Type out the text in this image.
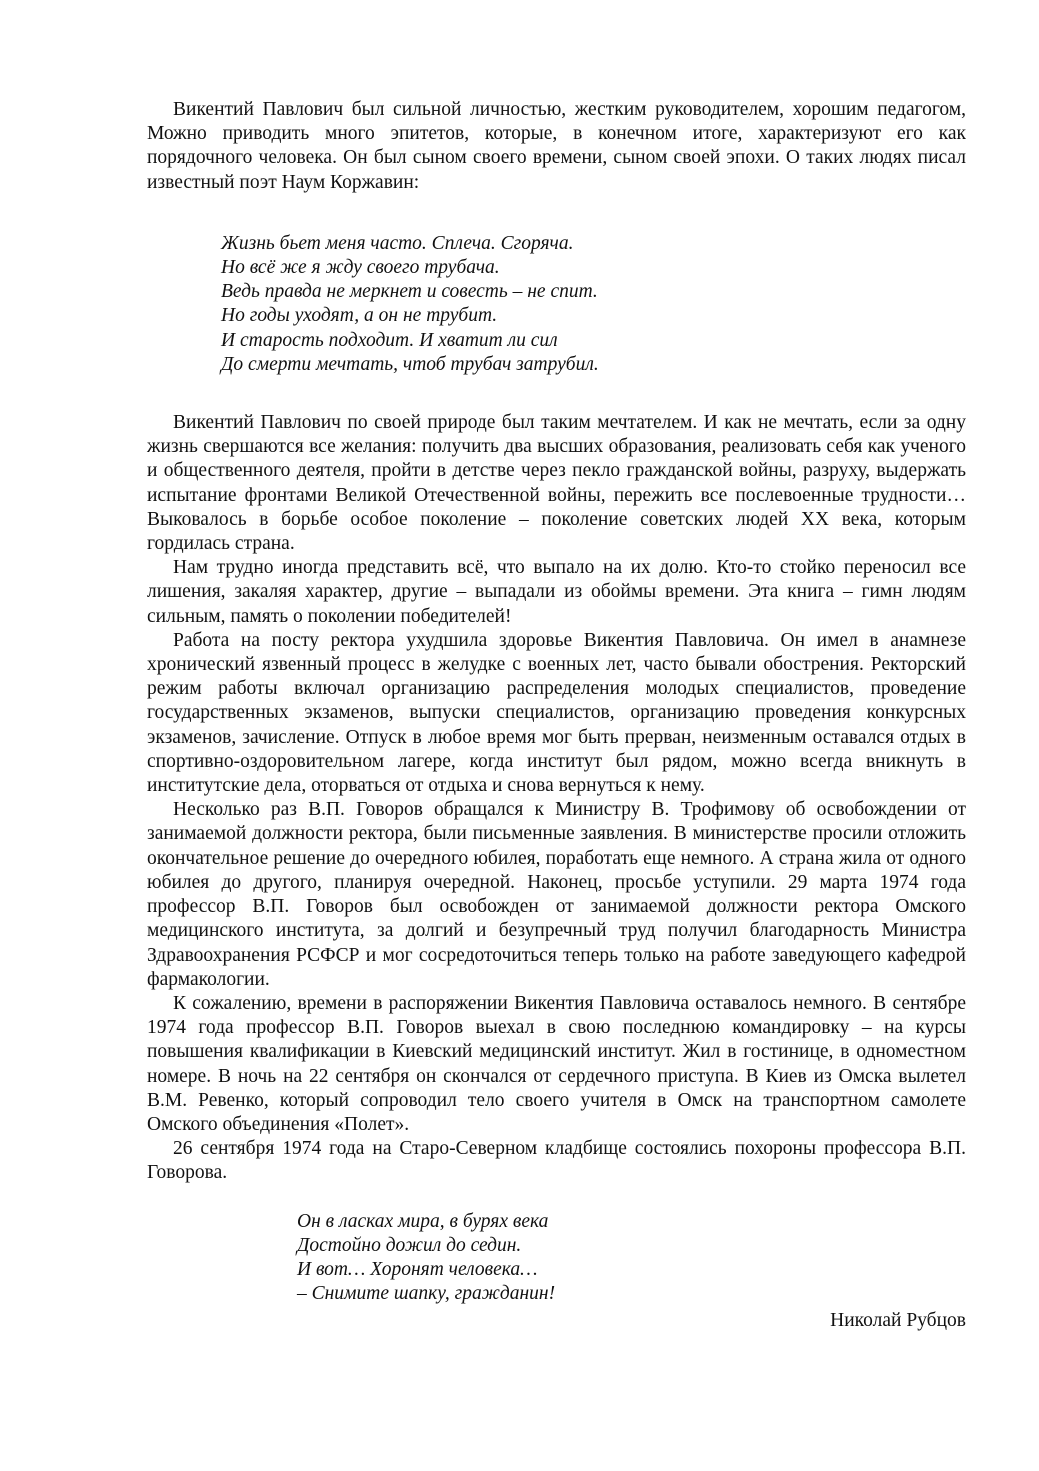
Викентий Павлович был сильной личностью, жестким руководителем, хорошим педагогом, Можно приводить много эпитетов, которые, в конечном итоге, характеризуют его как порядочного человека. Он был сыном своего времени, сыном своей эпохи. О таких людях писал известный поэт Наум Коржавин:

Жизнь бьет меня часто. Сплеча. Сгоряча.
Но всё же я жду своего трубача.
Ведь правда не меркнет и совесть – не спит.
Но годы уходят, а он не трубит.
И старость подходит. И хватит ли сил
До смерти мечтать, чтоб трубач затрубил.

Викентий Павлович по своей природе был таким мечтателем. И как не мечтать, если за одну жизнь свершаются все желания: получить два высших образования, реализовать себя как ученого и общественного деятеля, пройти в детстве через пекло гражданской войны, разруху, выдержать испытание фронтами Великой Отечественной войны, пережить все послевоенные трудности… Выковалось в борьбе особое поколение – поколение советских людей XX века, которым гордилась страна.

Нам трудно иногда представить всё, что выпало на их долю. Кто-то стойко переносил все лишения, закаляя характер, другие – выпадали из обоймы времени. Эта книга – гимн людям сильным, память о поколении победителей!

Работа на посту ректора ухудшила здоровье Викентия Павловича. Он имел в анамнезе хронический язвенный процесс в желудке с военных лет, часто бывали обострения. Ректорский режим работы включал организацию распределения молодых специалистов, проведение государственных экзаменов, выпуски специалистов, организацию проведения конкурсных экзаменов, зачисление. Отпуск в любое время мог быть прерван, неизменным оставался отдых в спортивно-оздоровительном лагере, когда институт был рядом, можно всегда вникнуть в институтские дела, оторваться от отдыха и снова вернуться к нему.

Несколько раз В.П. Говоров обращался к Министру В. Трофимову об освобождении от занимаемой должности ректора, были письменные заявления. В министерстве просили отложить окончательное решение до очередного юбилея, поработать еще немного. А страна жила от одного юбилея до другого, планируя очередной. Наконец, просьбе уступили. 29 марта 1974 года профессор В.П. Говоров был освобожден от занимаемой должности ректора Омского медицинского института, за долгий и безупречный труд получил благодарность Министра Здравоохранения РСФСР и мог сосредоточиться теперь только на работе заведующего кафедрой фармакологии.

К сожалению, времени в распоряжении Викентия Павловича оставалось немного. В сентябре 1974 года профессор В.П. Говоров выехал в свою последнюю командировку – на курсы повышения квалификации в Киевский медицинский институт. Жил в гостинице, в одноместном номере. В ночь на 22 сентября он скончался от сердечного приступа. В Киев из Омска вылетел В.М. Ревенко, который сопроводил тело своего учителя в Омск на транспортном самолете Омского объединения «Полет».

26 сентября 1974 года на Старо-Северном кладбище состоялись похороны профессора В.П. Говорова.

Он в ласках мира, в бурях века
Достойно дожил до седин.
И вот… Хоронят человека…
– Снимите шапку, гражданин!

Николай Рубцов
